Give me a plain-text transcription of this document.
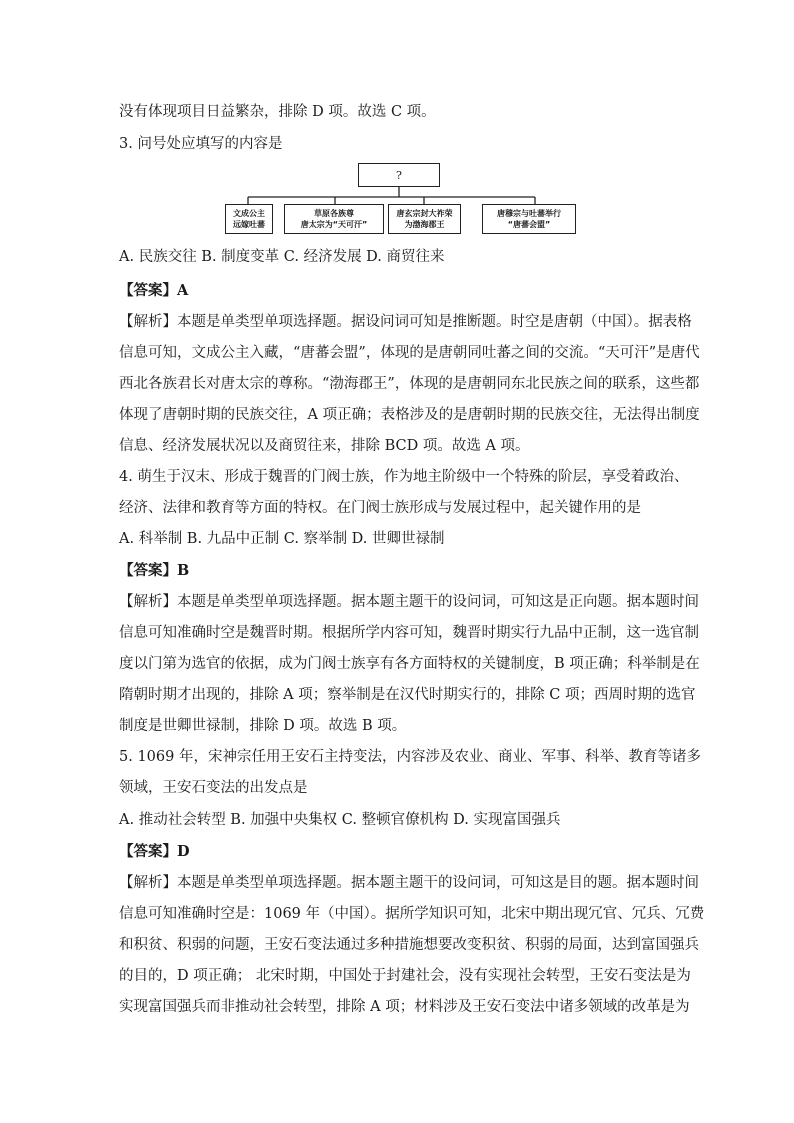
没有体现项目日益繁杂，排除 D 项。故选 C 项。
3. 问号处应填写的内容是
?
文成公主
远嫁吐蕃
草原各族尊
唐太宗为“天可汗”
唐玄宗封大祚荣
为渤海郡王
唐穆宗与吐蕃举行
“唐蕃会盟”
A. 民族交往 B. 制度变革 C. 经济发展 D. 商贸往来
【答案】A
【解析】本题是单类型单项选择题。据设问词可知是推断题。时空是唐朝（中国）。据表格
信息可知，文成公主入藏，“唐蕃会盟”，体现的是唐朝同吐蕃之间的交流。“天可汗”是唐代
西北各族君长对唐太宗的尊称。“渤海郡王”，体现的是唐朝同东北民族之间的联系，这些都
体现了唐朝时期的民族交往，A 项正确；表格涉及的是唐朝时期的民族交往，无法得出制度
信息、经济发展状况以及商贸往来，排除 BCD 项。故选 A 项。
4. 萌生于汉末、形成于魏晋的门阀士族，作为地主阶级中一个特殊的阶层，享受着政治、
经济、法律和教育等方面的特权。在门阀士族形成与发展过程中，起关键作用的是
A. 科举制 B. 九品中正制 C. 察举制 D. 世卿世禄制
【答案】B
【解析】本题是单类型单项选择题。据本题主题干的设问词，可知这是正向题。据本题时间
信息可知准确时空是魏晋时期。根据所学内容可知，魏晋时期实行九品中正制，这一选官制
度以门第为选官的依据，成为门阀士族享有各方面特权的关键制度，B 项正确；科举制是在
隋朝时期才出现的，排除 A 项；察举制是在汉代时期实行的，排除 C 项；西周时期的选官
制度是世卿世禄制，排除 D 项。故选 B 项。
5. 1069 年，宋神宗任用王安石主持变法，内容涉及农业、商业、军事、科举、教育等诸多
领域，王安石变法的出发点是
A. 推动社会转型 B. 加强中央集权 C. 整顿官僚机构 D. 实现富国强兵
【答案】D
【解析】本题是单类型单项选择题。据本题主题干的设问词，可知这是目的题。据本题时间
信息可知准确时空是：1069 年（中国）。据所学知识可知，北宋中期出现冗官、冗兵、冗费
和积贫、积弱的问题，王安石变法通过多种措施想要改变积贫、积弱的局面，达到富国强兵
的目的，D 项正确； 北宋时期，中国处于封建社会，没有实现社会转型，王安石变法是为
实现富国强兵而非推动社会转型，排除 A 项；材料涉及王安石变法中诸多领域的改革是为
